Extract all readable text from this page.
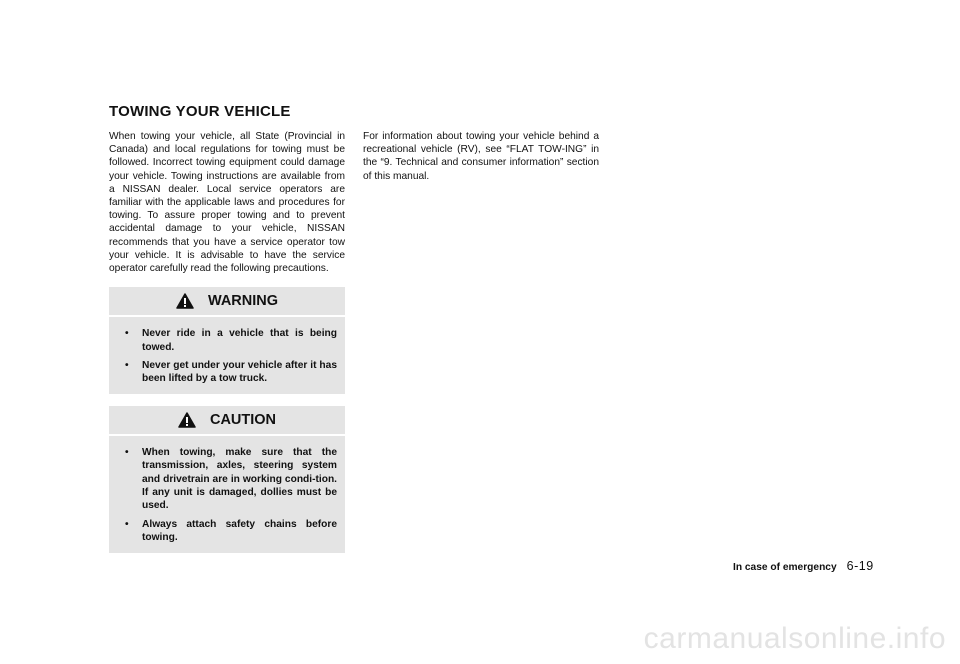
TOWING YOUR VEHICLE

When towing your vehicle, all State (Provincial in Canada) and local regulations for towing must be followed. Incorrect towing equipment could damage your vehicle. Towing instructions are available from a NISSAN dealer. Local service operators are familiar with the applicable laws and procedures for towing. To assure proper towing and to prevent accidental damage to your vehicle, NISSAN recommends that you have a service operator tow your vehicle. It is advisable to have the service operator carefully read the following precautions.

WARNING
• Never ride in a vehicle that is being towed.
• Never get under your vehicle after it has been lifted by a tow truck.
CAUTION
• When towing, make sure that the transmission, axles, steering system and drivetrain are in working condi-tion. If any unit is damaged, dollies must be used.
• Always attach safety chains before towing.

For information about towing your vehicle behind a recreational vehicle (RV), see “FLAT TOW-ING” in the “9. Technical and consumer information” section of this manual.

In case of emergency 6-19
carmanualsonline.info
